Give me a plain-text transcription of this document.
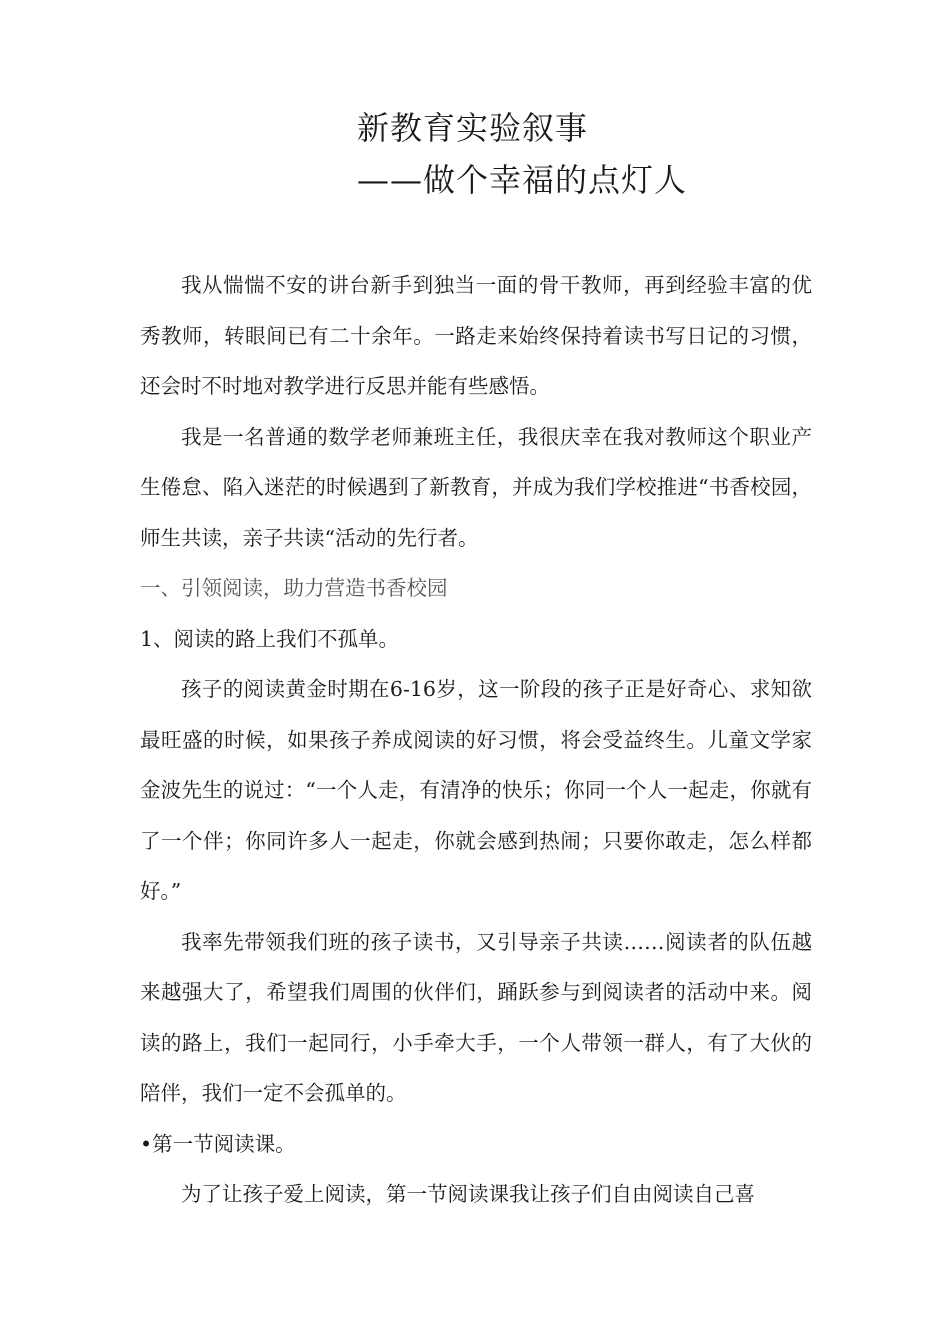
新教育实验叙事
——做个幸福的点灯人

我从惴惴不安的讲台新手到独当一面的骨干教师，再到经验丰富的优秀教师，转眼间已有二十余年。一路走来始终保持着读书写日记的习惯，还会时不时地对教学进行反思并能有些感悟。

我是一名普通的数学老师兼班主任，我很庆幸在我对教师这个职业产生倦怠、陷入迷茫的时候遇到了新教育，并成为我们学校推进“书香校园，师生共读，亲子共读“活动的先行者。

一、引领阅读，助力营造书香校园

1、阅读的路上我们不孤单。

孩子的阅读黄金时期在6-16岁，这一阶段的孩子正是好奇心、求知欲最旺盛的时候，如果孩子养成阅读的好习惯，将会受益终生。儿童文学家金波先生的说过：“一个人走，有清净的快乐；你同一个人一起走，你就有了一个伴；你同许多人一起走，你就会感到热闹；只要你敢走，怎么样都好。”

我率先带领我们班的孩子读书，又引导亲子共读……阅读者的队伍越来越强大了，希望我们周围的伙伴们，踊跃参与到阅读者的活动中来。阅读的路上，我们一起同行，小手牵大手，一个人带领一群人，有了大伙的陪伴，我们一定不会孤单的。

•第一节阅读课。

为了让孩子爱上阅读，第一节阅读课我让孩子们自由阅读自己喜
